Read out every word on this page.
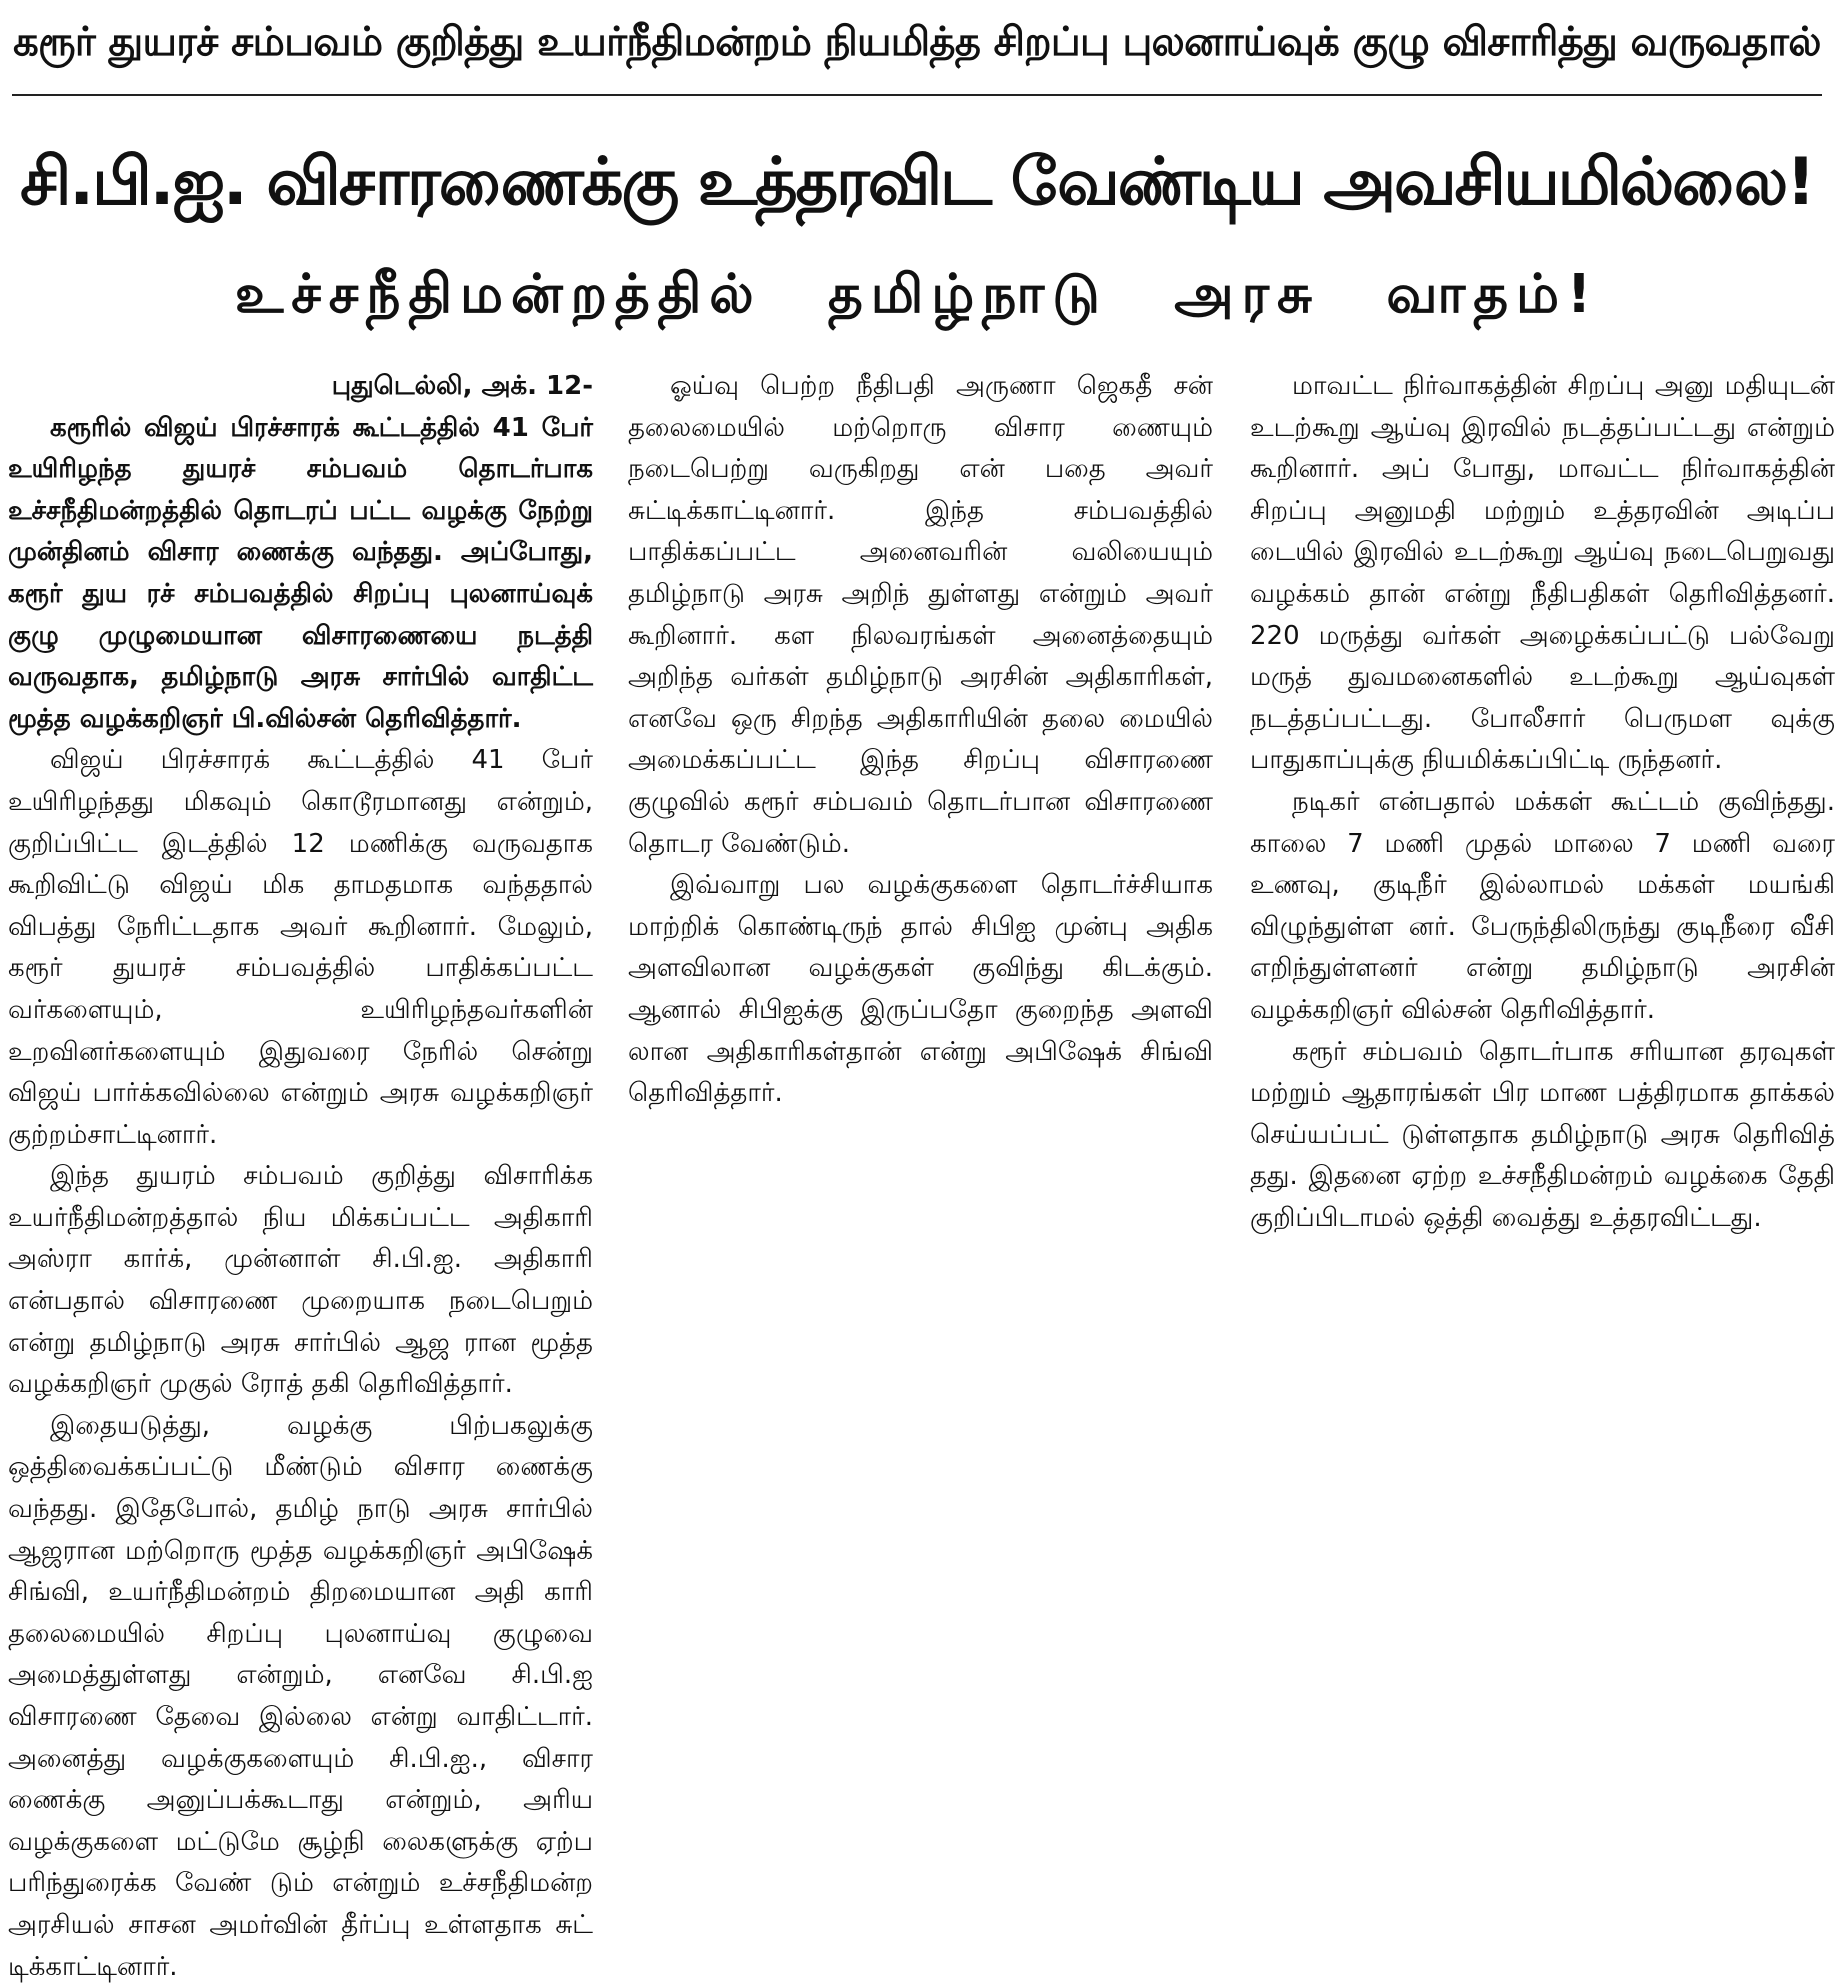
கரூர் துயரச் சம்பவம் குறித்து உயர்நீதிமன்றம் நியமித்த சிறப்பு புலனாய்வுக் குழு விசாரித்து வருவதால்
சி.பி.ஐ. விசாரணைக்கு உத்தரவிட வேண்டிய அவசியமில்லை!
உச்சநீதிமன்றத்தில் தமிழ்நாடு அரசு வாதம்!

புதுடெல்லி, அக். 12-

கரூரில் விஜய் பிரச்சாரக் கூட்டத்தில் 41 பேர் உயிரிழந்த துயரச் சம்பவம் தொடர்பாக உச்சநீதிமன்றத்தில் தொடரப் பட்ட வழக்கு நேற்று முன்தினம் விசார ணைக்கு வந்தது. அப்போது, கரூர் துய ரச் சம்பவத்தில் சிறப்பு புலனாய்வுக் குழு முழுமையான விசாரணையை நடத்தி வருவதாக, தமிழ்நாடு அரசு சார்பில் வாதிட்ட மூத்த வழக்கறிஞர் பி.வில்சன் தெரிவித்தார்.

விஜய் பிரச்சாரக் கூட்டத்தில் 41 பேர் உயிரிழந்தது மிகவும் கொடூரமானது என்றும், குறிப்பிட்ட இடத்தில் 12 மணிக்கு வருவதாக கூறிவிட்டு விஜய் மிக தாமதமாக வந்ததால் விபத்து நேரிட்டதாக அவர் கூறினார். மேலும், கரூர் துயரச் சம்பவத்தில் பாதிக்கப்பட்ட வர்களையும், உயிரிழந்தவர்களின் உறவினர்களையும் இதுவரை நேரில் சென்று விஜய் பார்க்கவில்லை என்றும் அரசு வழக்கறிஞர் குற்றம்சாட்டினார்.

இந்த துயரம் சம்பவம் குறித்து விசாரிக்க உயர்நீதிமன்றத்தால் நிய மிக்கப்பட்ட அதிகாரி அஸ்ரா கார்க், முன்னாள் சி.பி.ஐ. அதிகாரி என்பதால் விசாரணை முறையாக நடைபெறும் என்று தமிழ்நாடு அரசு சார்பில் ஆஜ ரான மூத்த வழக்கறிஞர் முகுல் ரோத் தகி தெரிவித்தார்.

இதையடுத்து, வழக்கு பிற்பகலுக்கு ஒத்திவைக்கப்பட்டு மீண்டும் விசார ணைக்கு வந்தது. இதேபோல், தமிழ் நாடு அரசு சார்பில் ஆஜரான மற்றொரு மூத்த வழக்கறிஞர் அபிஷேக் சிங்வி, உயர்நீதிமன்றம் திறமையான அதி காரி தலைமையில் சிறப்பு புலனாய்வு குழுவை அமைத்துள்ளது என்றும், எனவே சி.பி.ஐ விசாரணை தேவை இல்லை என்று வாதிட்டார். அனைத்து வழக்குகளையும் சி.பி.ஐ., விசார ணைக்கு அனுப்பக்கூடாது என்றும், அரிய வழக்குகளை மட்டுமே சூழ்நி லைகளுக்கு ஏற்ப பரிந்துரைக்க வேண் டும் என்றும் உச்சநீதிமன்ற அரசியல் சாசன அமர்வின் தீர்ப்பு உள்ளதாக சுட் டிக்காட்டினார்.

ஓய்வு பெற்ற நீதிபதி அருணா ஜெகதீ சன் தலைமையில் மற்றொரு விசார ணையும் நடைபெற்று வருகிறது என் பதை அவர் சுட்டிக்காட்டினார். இந்த சம்பவத்தில் பாதிக்கப்பட்ட அனைவரின் வலியையும் தமிழ்நாடு அரசு அறிந் துள்ளது என்றும் அவர் கூறினார். கள நிலவரங்கள் அனைத்தையும் அறிந்த வர்கள் தமிழ்நாடு அரசின் அதிகாரிகள், எனவே ஒரு சிறந்த அதிகாரியின் தலை மையில் அமைக்கப்பட்ட இந்த சிறப்பு விசாரணை குழுவில் கரூர் சம்பவம் தொடர்பான விசாரணை தொடர வேண்டும்.

இவ்வாறு பல வழக்குகளை தொடர்ச்சியாக மாற்றிக் கொண்டிருந் தால் சிபிஐ முன்பு அதிக அளவிலான வழக்குகள் குவிந்து கிடக்கும். ஆனால் சிபிஐக்கு இருப்பதோ குறைந்த அளவி லான அதிகாரிகள்தான் என்று அபிஷேக் சிங்வி தெரிவித்தார்.

மாவட்ட நிர்வாகத்தின் சிறப்பு அனு மதியுடன் உடற்கூறு ஆய்வு இரவில் நடத்தப்பட்டது என்றும் கூறினார். அப் போது, மாவட்ட நிர்வாகத்தின் சிறப்பு அனுமதி மற்றும் உத்தரவின் அடிப்ப டையில் இரவில் உடற்கூறு ஆய்வு நடைபெறுவது வழக்கம் தான் என்று நீதிபதிகள் தெரிவித்தனர். 220 மருத்து வர்கள் அழைக்கப்பட்டு பல்வேறு மருத் துவமனைகளில் உடற்கூறு ஆய்வுகள் நடத்தப்பட்டது. போலீசார் பெருமள வுக்கு பாதுகாப்புக்கு நியமிக்கப்பிட்டி ருந்தனர்.

நடிகர் என்பதால் மக்கள் கூட்டம் குவிந்தது. காலை 7 மணி முதல் மாலை 7 மணி வரை உணவு, குடிநீர் இல்லாமல் மக்கள் மயங்கி விழுந்துள்ள னர். பேருந்திலிருந்து குடிநீரை வீசி எறிந்துள்ளனர் என்று தமிழ்நாடு அரசின் வழக்கறிஞர் வில்சன் தெரிவித்தார்.

கரூர் சம்பவம் தொடர்பாக சரியான தரவுகள் மற்றும் ஆதாரங்கள் பிர மாண பத்திரமாக தாக்கல் செய்யப்பட் டுள்ளதாக தமிழ்நாடு அரசு தெரிவித் தது. இதனை ஏற்ற உச்சநீதிமன்றம் வழக்கை தேதி குறிப்பிடாமல் ஒத்தி வைத்து உத்தரவிட்டது.
